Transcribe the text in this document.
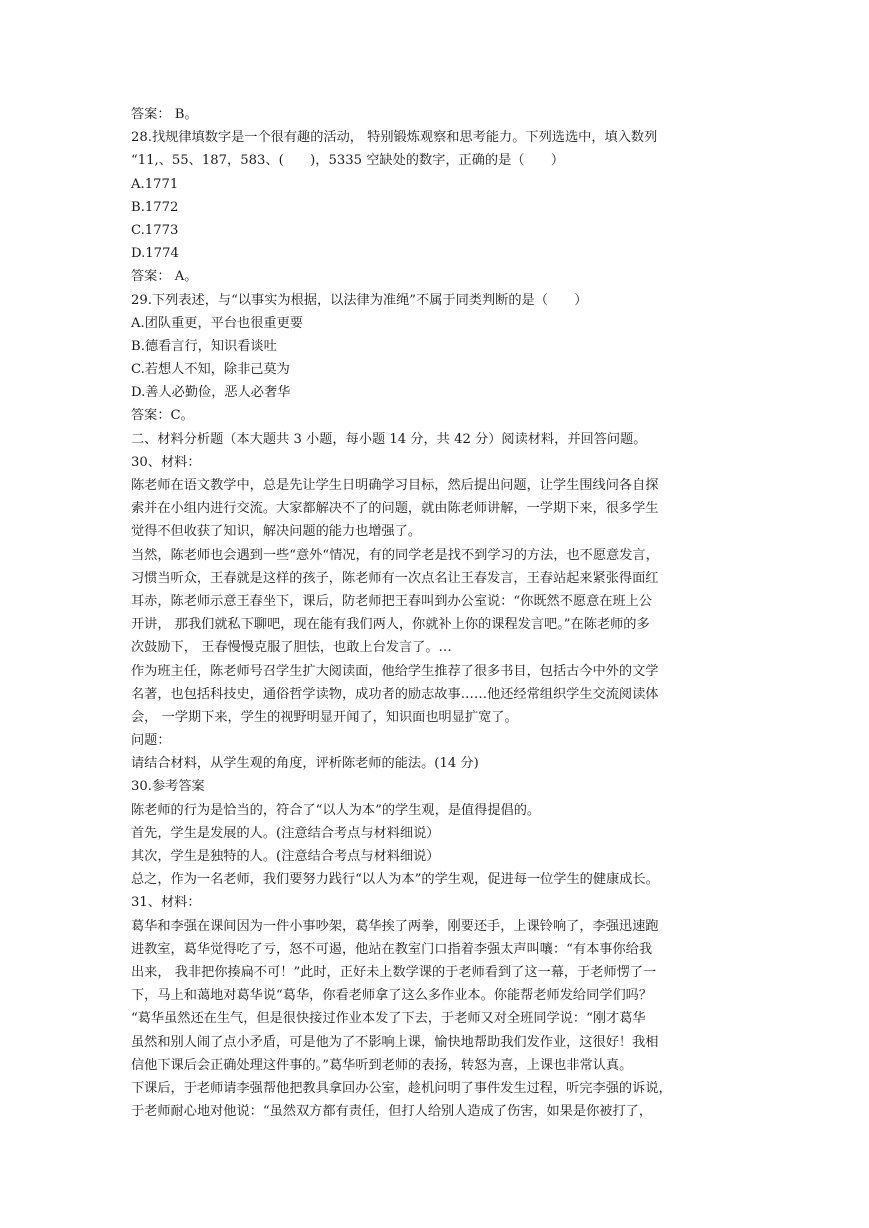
答案： B。
28.找规律填数字是一个很有趣的活动， 特别锻炼观察和思考能力。下列选选中，填入数列
“11,、55、187，583、(　　)，5335 空缺处的数字，正确的是（　　）
A.1771
B.1772
C.1773
D.1774
答案： A。
29.下列表述，与“以事实为根据，以法律为准绳”不属于同类判断的是（　　）
A.团队重更，平台也很重更要
B.德看言行，知识看谈吐
C.若想人不知，除非己莫为
D.善人必勤俭，恶人必奢华
答案：C。
二、材料分析题（本大题共 3 小题，每小题 14 分，共 42 分）阅读材料，并回答问题。
30、材料：
陈老师在语文教学中，总是先让学生日明确学习目标，然后提出问题，让学生围线问各自探
索并在小组内进行交流。大家都解决不了的问题，就由陈老师讲解，一学期下来，很多学生
觉得不但收获了知识，解决问题的能力也增强了。
当然，陈老师也会遇到一些“意外“情况，有的同学老是找不到学习的方法，也不愿意发言，
习惯当听众，王春就是这样的孩子，陈老师有一次点名让王春发言，王春站起来紧张得面红
耳赤，陈老师示意王春坐下，课后，防老师把王春叫到办公室说：“你既然不愿意在班上公
开讲， 那我们就私下聊吧，现在能有我们两人，你就补上你的课程发言吧。”在陈老师的多
次鼓励下， 王春慢慢克服了胆怯，也敢上台发言了。…
作为班主任，陈老师号召学生扩大阅读面，他给学生推荐了很多书目，包括古今中外的文学
名著，也包括科技史，通俗哲学读物，成功者的励志故事……他还经常组织学生交流阅读体
会， 一学期下来，学生的视野明显开闻了，知识面也明显扩宽了。
问题：
请结合材料，从学生观的角度，评析陈老师的能法。(14 分)
30.参考答案
陈老师的行为是恰当的，符合了“以人为本”的学生观，是值得提倡的。
首先，学生是发展的人。(注意结合考点与材料细说）
其次，学生是独特的人。(注意结合考点与材料细说）
总之，作为一名老师，我们要努力践行“以人为本”的学生观，促进每一位学生的健康成长。
31、材料：
葛华和李强在课间因为一件小事吵架，葛华挨了两拳，刚要还手，上课铃响了，李强迅速跑
进教室，葛华觉得吃了亏，怒不可遏，他站在教室门口指着李强太声叫嚷：“有本事你给我
出来， 我非把你揍扁不可！”此时，正好未上数学课的于老师看到了这一幕，于老师愣了一
下，马上和蔼地对葛华说“葛华，你看老师拿了这么多作业本。你能帮老师发给同学们吗？
“葛华虽然还在生气，但是很快接过作业本发了下去，于老师又对全班同学说：“刚才葛华
虽然和别人闹了点小矛盾，可是他为了不影响上课，愉快地帮助我们发作业，这很好！我相
信他下课后会正确处理这件事的。”葛华听到老师的表扬，转怒为喜，上课也非常认真。
下课后，于老师请李强帮他把教具拿回办公室，趁机问明了事件发生过程，听完李强的诉说，
于老师耐心地对他说：“虽然双方都有责任，但打人给别人造成了伤害，如果是你被打了，
